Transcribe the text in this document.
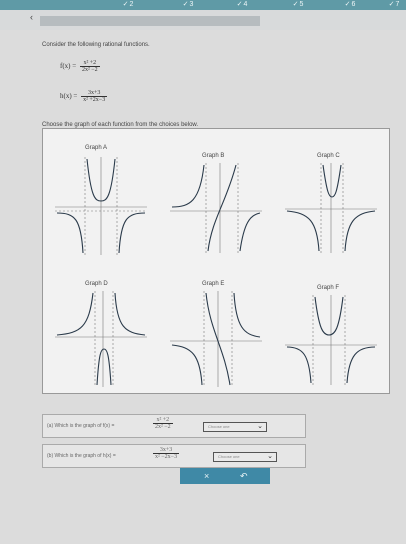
✓2	✓3	✓4	✓5	✓6	✓7
‹
Consider the following rational functions.
$f(x) = \frac{\text{x² +2}}{\text{2x² −2}}$
$h(x) = \frac{3x+3}{\text{x² +2x−3}}$
Choose the graph of each function from the choices below.
Graph A
Graph B	Graph C
Graph D	Graph E
Graph F
(a) Which is the graph of f(x) =	$\frac{\text{x² +2}}{\text{2x² −2}}$	Choose one	⌄
(b) Which is the graph of h(x) =	$\frac{3x+3}{\text{x² −2x−3}}$	Choose one	⌄
×	↶
